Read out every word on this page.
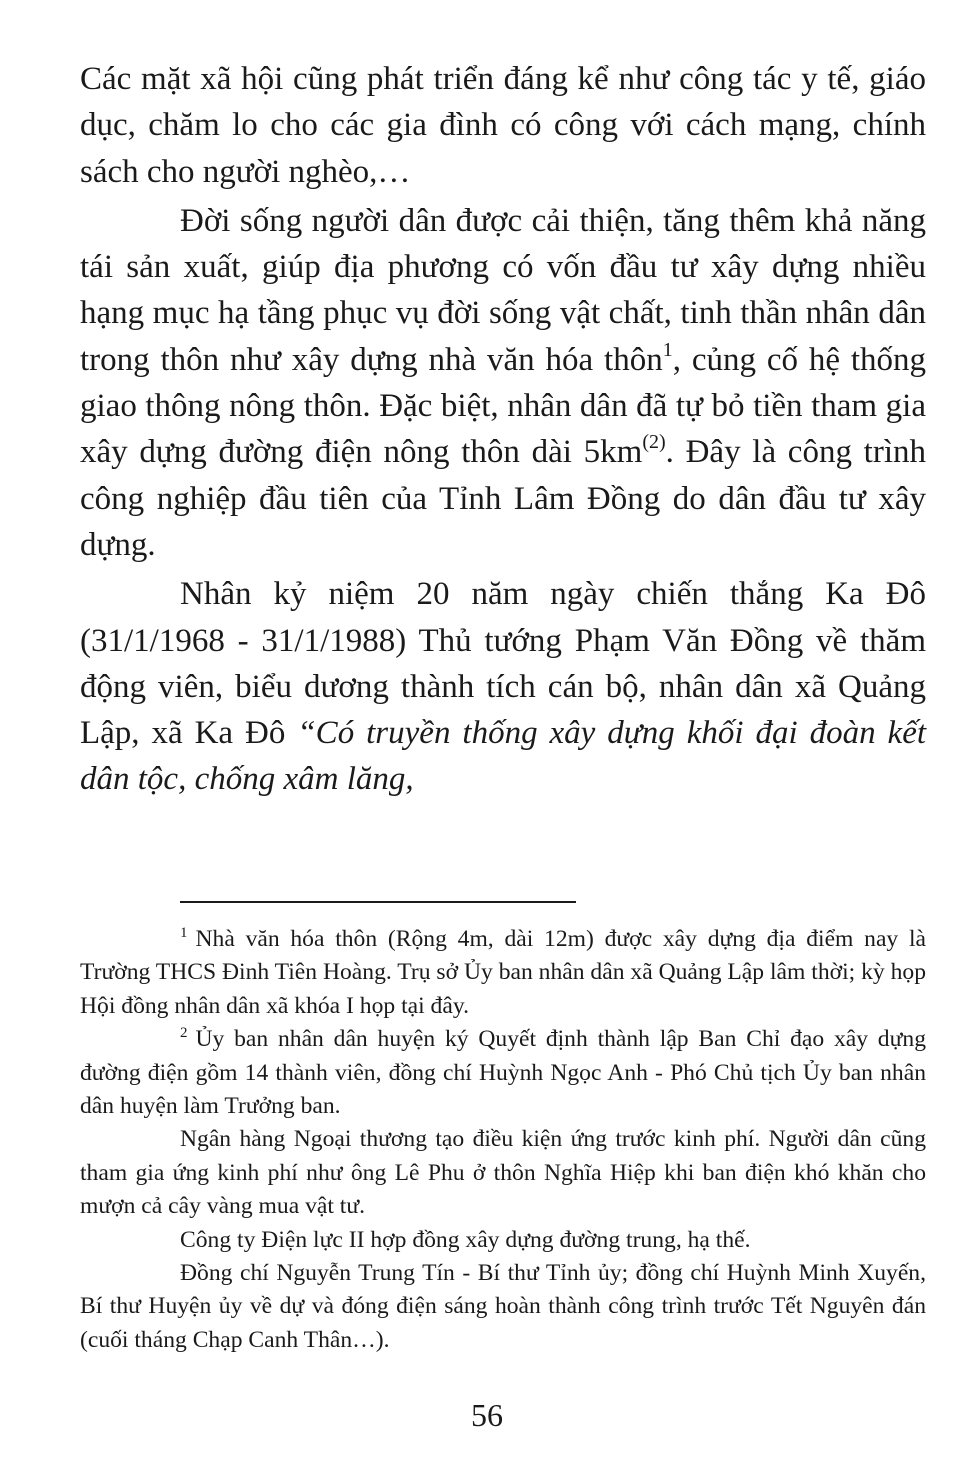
Các mặt xã hội cũng phát triển đáng kể như công tác y tế, giáo dục, chăm lo cho các gia đình có công với cách mạng, chính sách cho người nghèo,…

Đời sống người dân được cải thiện, tăng thêm khả năng tái sản xuất, giúp địa phương có vốn đầu tư xây dựng nhiều hạng mục hạ tầng phục vụ đời sống vật chất, tinh thần nhân dân trong thôn như xây dựng nhà văn hóa thôn$^1$, củng cố hệ thống giao thông nông thôn. Đặc biệt, nhân dân đã tự bỏ tiền tham gia xây dựng đường điện nông thôn dài $5km^{(2)}$. Đây là công trình công nghiệp đầu tiên của Tỉnh Lâm Đồng do dân đầu tư xây dựng.

Nhân kỷ niệm 20 năm ngày chiến thắng Ka Đô (31/1/1968 - 31/1/1988) Thủ tướng Phạm Văn Đồng về thăm động viên, biểu dương thành tích cán bộ, nhân dân xã Quảng Lập, xã Ka Đô “Có truyền thống xây dựng khối đại đoàn kết dân tộc, chống xâm lăng,

$^1$ Nhà văn hóa thôn (Rộng 4m, dài 12m) được xây dựng địa điểm nay là Trường THCS Đinh Tiên Hoàng. Trụ sở Ủy ban nhân dân xã Quảng Lập lâm thời; kỳ họp Hội đồng nhân dân xã khóa I họp tại đây.

$^2$ Ủy ban nhân dân huyện ký Quyết định thành lập Ban Chỉ đạo xây dựng đường điện gồm 14 thành viên, đồng chí Huỳnh Ngọc Anh - Phó Chủ tịch Ủy ban nhân dân huyện làm Trưởng ban.

Ngân hàng Ngoại thương tạo điều kiện ứng trước kinh phí. Người dân cũng tham gia ứng kinh phí như ông Lê Phu ở thôn Nghĩa Hiệp khi ban điện khó khăn cho mượn cả cây vàng mua vật tư.

Công ty Điện lực II hợp đồng xây dựng đường trung, hạ thế.

Đồng chí Nguyễn Trung Tín - Bí thư Tỉnh ủy; đồng chí Huỳnh Minh Xuyến, Bí thư Huyện ủy về dự và đóng điện sáng hoàn thành công trình trước Tết Nguyên đán (cuối tháng Chạp Canh Thân…).

56
